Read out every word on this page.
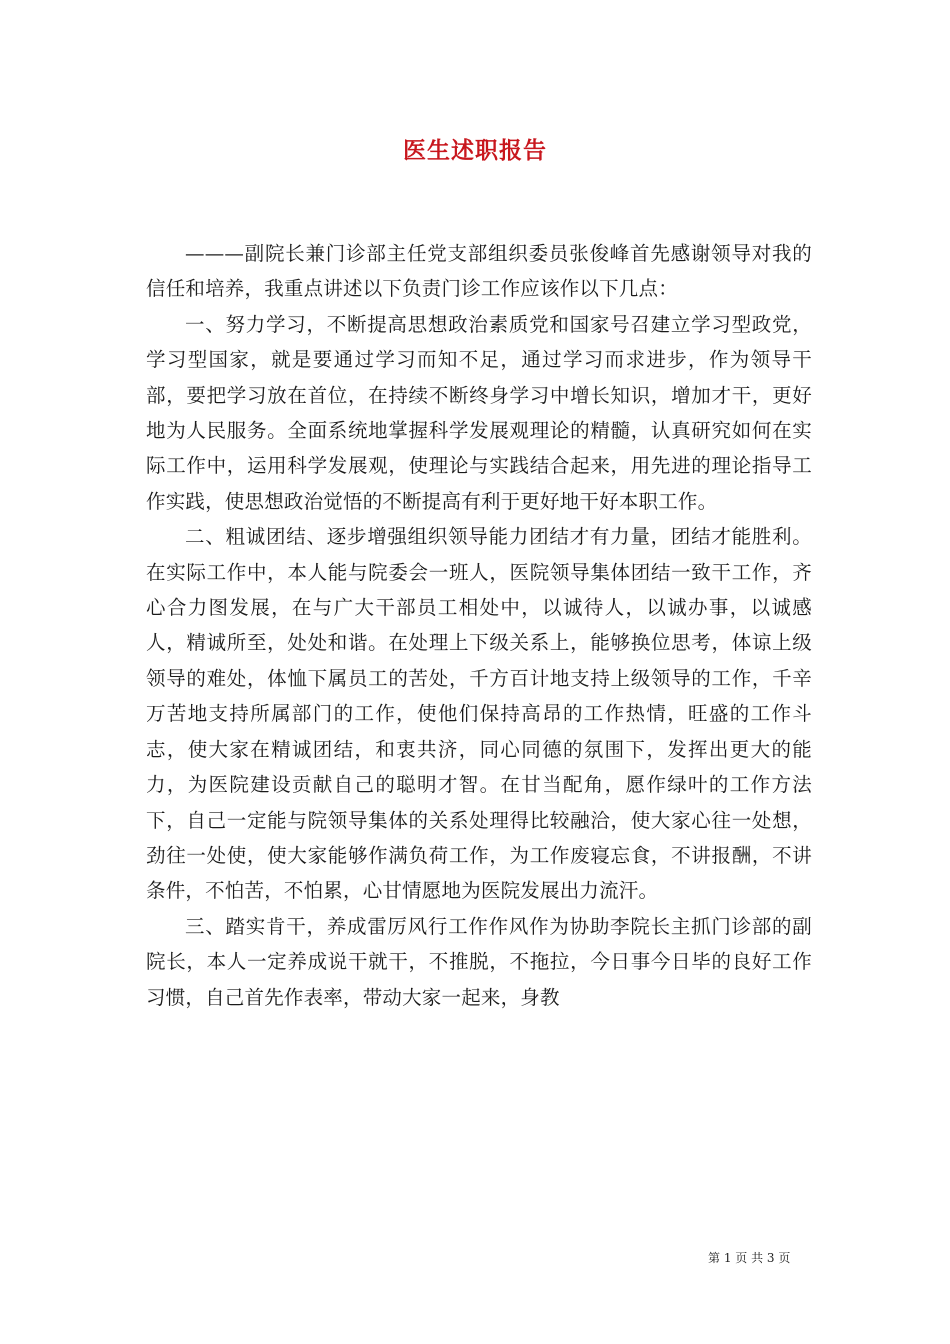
医生述职报告

———副院长兼门诊部主任党支部组织委员张俊峰首先感谢领导对我的信任和培养，我重点讲述以下负责门诊工作应该作以下几点：

一、努力学习，不断提高思想政治素质党和国家号召建立学习型政党，学习型国家，就是要通过学习而知不足，通过学习而求进步，作为领导干部，要把学习放在首位，在持续不断终身学习中增长知识，增加才干，更好地为人民服务。全面系统地掌握科学发展观理论的精髓，认真研究如何在实际工作中，运用科学发展观，使理论与实践结合起来，用先进的理论指导工作实践，使思想政治觉悟的不断提高有利于更好地干好本职工作。

二、粗诚团结、逐步增强组织领导能力团结才有力量，团结才能胜利。在实际工作中，本人能与院委会一班人，医院领导集体团结一致干工作，齐心合力图发展，在与广大干部员工相处中，以诚待人，以诚办事，以诚感人，精诚所至，处处和谐。在处理上下级关系上，能够换位思考，体谅上级领导的难处，体恤下属员工的苦处，千方百计地支持上级领导的工作，千辛万苦地支持所属部门的工作，使他们保持高昂的工作热情，旺盛的工作斗志，使大家在精诚团结，和衷共济，同心同德的氛围下，发挥出更大的能力，为医院建设贡献自己的聪明才智。在甘当配角，愿作绿叶的工作方法下，自己一定能与院领导集体的关系处理得比较融洽，使大家心往一处想，劲往一处使，使大家能够作满负荷工作，为工作废寝忘食，不讲报酬，不讲条件，不怕苦，不怕累，心甘情愿地为医院发展出力流汗。

三、踏实肯干，养成雷厉风行工作作风作为协助李院长主抓门诊部的副院长，本人一定养成说干就干，不推脱，不拖拉，今日事今日毕的良好工作习惯，自己首先作表率，带动大家一起来，身教

第 1 页 共 3 页
